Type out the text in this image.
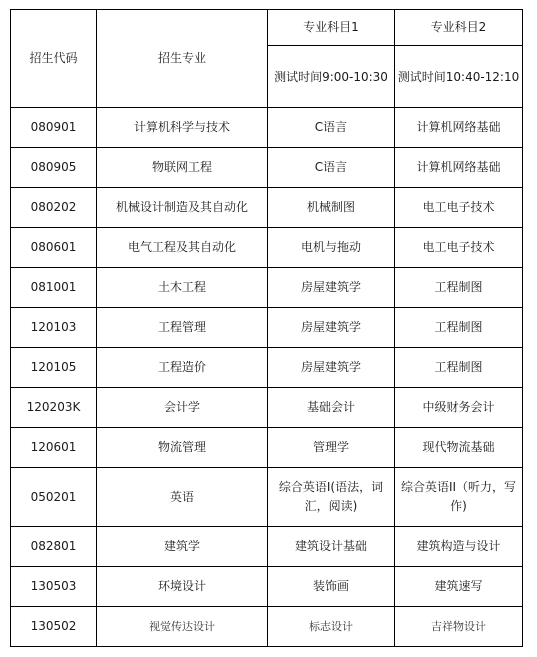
招生代码	招生专业	专业科目1	专业科目2
		测试时间9:00-10:30	测试时间10:40-12:10
080901	计算机科学与技术	C语言	计算机网络基础
080905	物联网工程	C语言	计算机网络基础
080202	机械设计制造及其自动化	机械制图	电工电子技术
080601	电气工程及其自动化	电机与拖动	电工电子技术
081001	土木工程	房屋建筑学	工程制图
120103	工程管理	房屋建筑学	工程制图
120105	工程造价	房屋建筑学	工程制图
120203K	会计学	基础会计	中级财务会计
120601	物流管理	管理学	现代物流基础
050201	英语	综合英语I(语法，词汇，阅读)	综合英语II（听力，写作)
082801	建筑学	建筑设计基础	建筑构造与设计
130503	环境设计	装饰画	建筑速写
130502	视觉传达设计	标志设计	吉祥物设计
